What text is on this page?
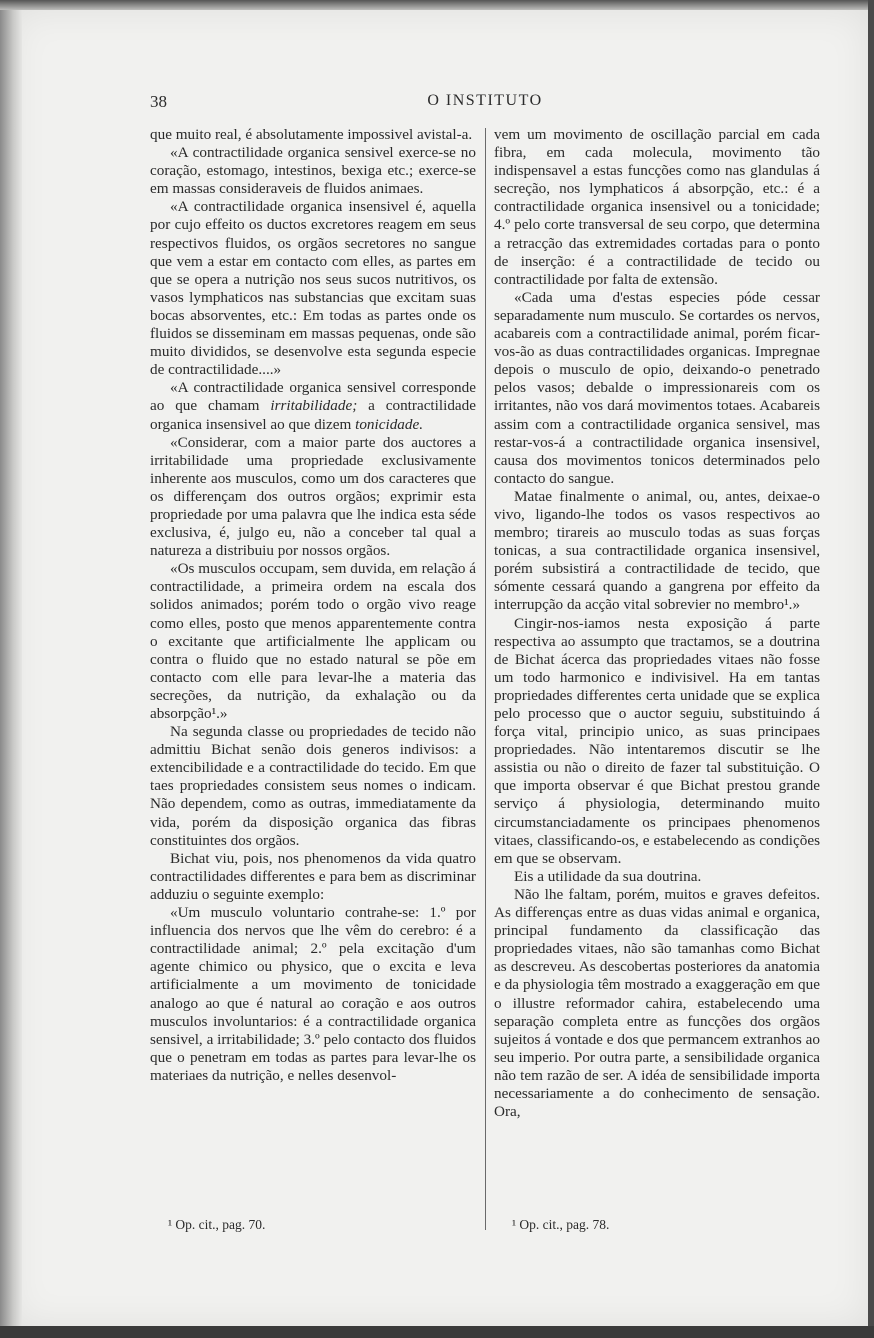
38	O INSTITUTO

que muito real, é absolutamente impossivel avistal-a.

«A contractilidade organica sensivel exerce-se no coração, estomago, intestinos, bexiga etc.; exerce-se em massas consideraveis de fluidos animaes.

«A contractilidade organica insensivel é, aquella por cujo effeito os ductos excretores reagem em seus respectivos fluidos, os orgãos secretores no sangue que vem a estar em contacto com elles, as partes em que se opera a nutrição nos seus sucos nutritivos, os vasos lymphaticos nas substancias que excitam suas bocas absorventes, etc.: Em todas as partes onde os fluidos se disseminam em massas pequenas, onde são muito divididos, se desenvolve esta segunda especie de contractilidade....»

«A contractilidade organica sensivel corresponde ao que chamam irritabilidade; a contractilidade organica insensivel ao que dizem tonicidade.

«Considerar, com a maior parte dos auctores a irritabilidade uma propriedade exclusivamente inherente aos musculos, como um dos caracteres que os differençam dos outros orgãos; exprimir esta propriedade por uma palavra que lhe indica esta séde exclusiva, é, julgo eu, não a conceber tal qual a natureza a distribuiu por nossos orgãos.

«Os musculos occupam, sem duvida, em relação á contractilidade, a primeira ordem na escala dos solidos animados; porém todo o orgão vivo reage como elles, posto que menos apparentemente contra o excitante que artificialmente lhe applicam ou contra o fluido que no estado natural se põe em contacto com elle para levar-lhe a materia das secreções, da nutrição, da exhalação ou da absorpção¹.»

Na segunda classe ou propriedades de tecido não admittiu Bichat senão dois generos indivisos: a extencibilidade e a contractilidade do tecido. Em que taes propriedades consistem seus nomes o indicam. Não dependem, como as outras, immediatamente da vida, porém da disposição organica das fibras constituintes dos orgãos.

Bichat viu, pois, nos phenomenos da vida quatro contractilidades differentes e para bem as discriminar adduziu o seguinte exemplo:

«Um musculo voluntario contrahe-se: 1.º por influencia dos nervos que lhe vêm do cerebro: é a contractilidade animal; 2.º pela excitação d'um agente chimico ou physico, que o excita e leva artificialmente a um movimento de tonicidade analogo ao que é natural ao coração e aos outros musculos involuntarios: é a contractilidade organica sensivel, a irritabilidade; 3.º pelo contacto dos fluidos que o penetram em todas as partes para levar-lhe os materiaes da nutrição, e nelles desenvol-

vem um movimento de oscillação parcial em cada fibra, em cada molecula, movimento tão indispensavel a estas funcções como nas glandulas á secreção, nos lymphaticos á absorpção, etc.: é a contractilidade organica insensivel ou a tonicidade; 4.º pelo corte transversal de seu corpo, que determina a retracção das extremidades cortadas para o ponto de inserção: é a contractilidade de tecido ou contractilidade por falta de extensão.

«Cada uma d'estas especies póde cessar separadamente num musculo. Se cortardes os nervos, acabareis com a contractilidade animal, porém ficar-vos-ão as duas contractilidades organicas. Impregnae depois o musculo de opio, deixando-o penetrado pelos vasos; debalde o impressionareis com os irritantes, não vos dará movimentos totaes. Acabareis assim com a contractilidade organica sensivel, mas restar-vos-á a contractilidade organica insensivel, causa dos movimentos tonicos determinados pelo contacto do sangue.

Matae finalmente o animal, ou, antes, deixae-o vivo, ligando-lhe todos os vasos respectivos ao membro; tirareis ao musculo todas as suas forças tonicas, a sua contractilidade organica insensivel, porém subsistirá a contractilidade de tecido, que sómente cessará quando a gangrena por effeito da interrupção da acção vital sobrevier no membro¹.»

Cingir-nos-iamos nesta exposição á parte respectiva ao assumpto que tractamos, se a doutrina de Bichat ácerca das propriedades vitaes não fosse um todo harmonico e indivisivel. Ha em tantas propriedades differentes certa unidade que se explica pelo processo que o auctor seguiu, substituindo á força vital, principio unico, as suas principaes propriedades. Não intentaremos discutir se lhe assistia ou não o direito de fazer tal substituição. O que importa observar é que Bichat prestou grande serviço á physiologia, determinando muito circumstanciadamente os principaes phenomenos vitaes, classificando-os, e estabelecendo as condições em que se observam.

Eis a utilidade da sua doutrina.

Não lhe faltam, porém, muitos e graves defeitos. As differenças entre as duas vidas animal e organica, principal fundamento da classificação das propriedades vitaes, não são tamanhas como Bichat as descreveu. As descobertas posteriores da anatomia e da physiologia têm mostrado a exaggeração em que o illustre reformador cahira, estabelecendo uma separação completa entre as funcções dos orgãos sujeitos á vontade e dos que permancem extranhos ao seu imperio. Por outra parte, a sensibilidade organica não tem razão de ser. A idéa de sensibilidade importa necessariamente a do conhecimento de sensação. Ora,

¹ Op. cit., pag. 70.	¹ Op. cit., pag. 78.
